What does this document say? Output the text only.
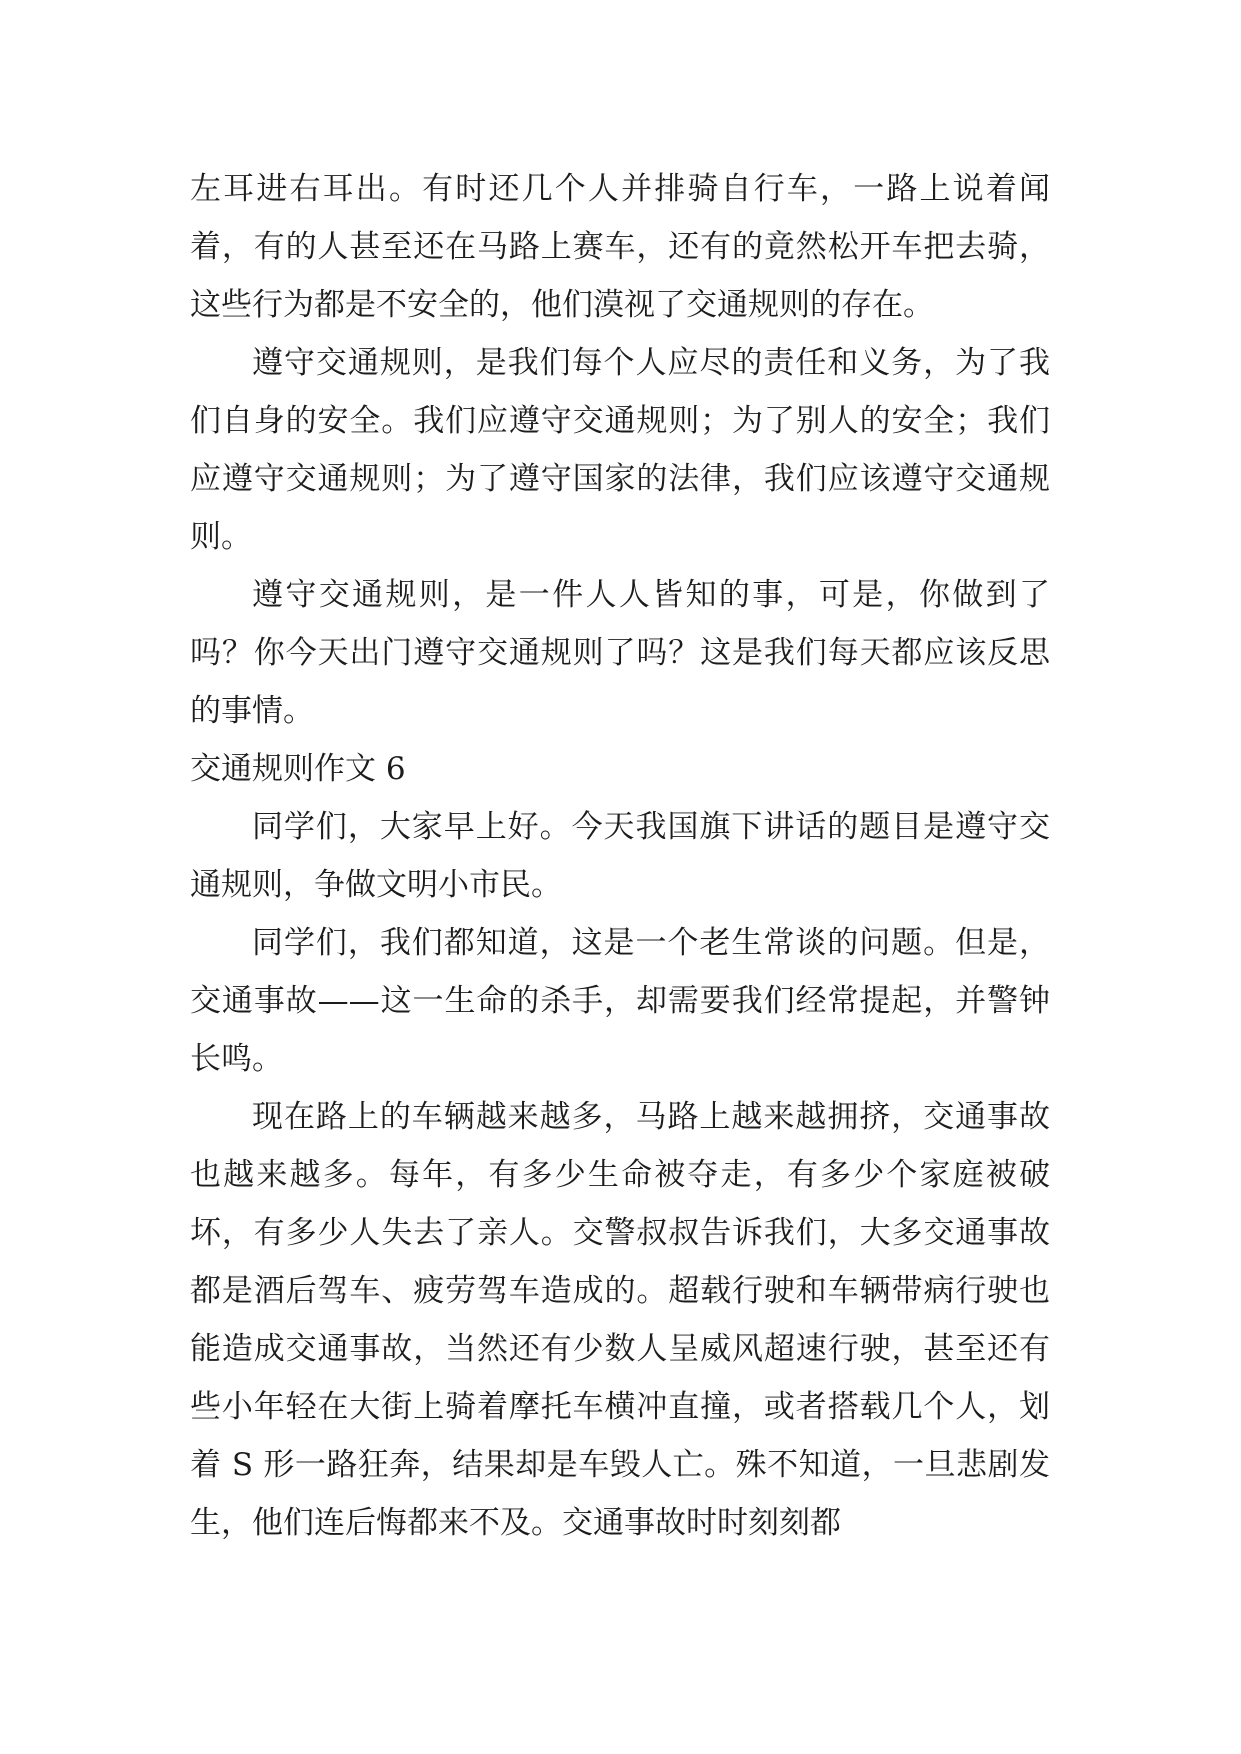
左耳进右耳出。有时还几个人并排骑自行车，一路上说着闻着，有的人甚至还在马路上赛车，还有的竟然松开车把去骑，这些行为都是不安全的，他们漠视了交通规则的存在。

遵守交通规则，是我们每个人应尽的责任和义务，为了我们自身的安全。我们应遵守交通规则；为了别人的安全；我们应遵守交通规则；为了遵守国家的法律，我们应该遵守交通规则。

遵守交通规则，是一件人人皆知的事，可是，你做到了吗？你今天出门遵守交通规则了吗？这是我们每天都应该反思的事情。

交通规则作文 6

同学们，大家早上好。今天我国旗下讲话的题目是遵守交通规则，争做文明小市民。

同学们，我们都知道，这是一个老生常谈的问题。但是，交通事故——这一生命的杀手，却需要我们经常提起，并警钟长鸣。

现在路上的车辆越来越多，马路上越来越拥挤，交通事故也越来越多。每年，有多少生命被夺走，有多少个家庭被破坏，有多少人失去了亲人。交警叔叔告诉我们，大多交通事故都是酒后驾车、疲劳驾车造成的。超载行驶和车辆带病行驶也能造成交通事故，当然还有少数人呈威风超速行驶，甚至还有些小年轻在大街上骑着摩托车横冲直撞，或者搭载几个人，划着 S 形一路狂奔，结果却是车毁人亡。殊不知道，一旦悲剧发生，他们连后悔都来不及。交通事故时时刻刻都
